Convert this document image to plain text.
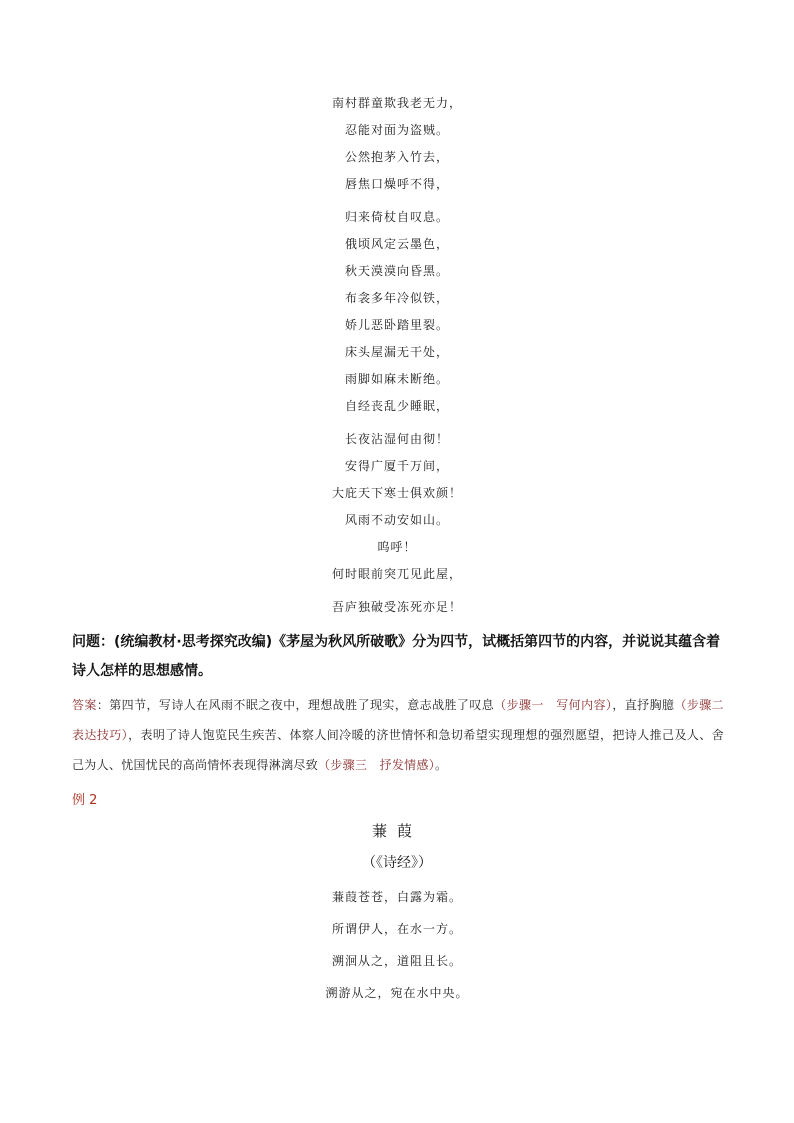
南村群童欺我老无力，
忍能对面为盗贼。
公然抱茅入竹去，
唇焦口燥呼不得，
归来倚杖自叹息。
俄顷风定云墨色，
秋天漠漠向昏黑。
布衾多年冷似铁，
娇儿恶卧踏里裂。
床头屋漏无干处，
雨脚如麻未断绝。
自经丧乱少睡眠，
长夜沾湿何由彻！
安得广厦千万间，
大庇天下寒士俱欢颜！
风雨不动安如山。
呜呼！
何时眼前突兀见此屋，
吾庐独破受冻死亦足！
问题：(统编教材·思考探究改编)《茅屋为秋风所破歌》分为四节，试概括第四节的内容，并说说其蕴含着诗人怎样的思想感情。
答案：第四节，写诗人在风雨不眠之夜中，理想战胜了现实，意志战胜了叹息（步骤一　写何内容），直抒胸臆（步骤二　表达技巧），表明了诗人饱览民生疾苦、体察人间冷暖的济世情怀和急切希望实现理想的强烈愿望，把诗人推己及人、舍己为人、忧国忧民的高尚情怀表现得淋漓尽致（步骤三　抒发情感）。
例 2
蒹葭
（《诗经》）
蒹葭苍苍，白露为霜。
所谓伊人，在水一方。
溯洄从之，道阻且长。
溯游从之，宛在水中央。
